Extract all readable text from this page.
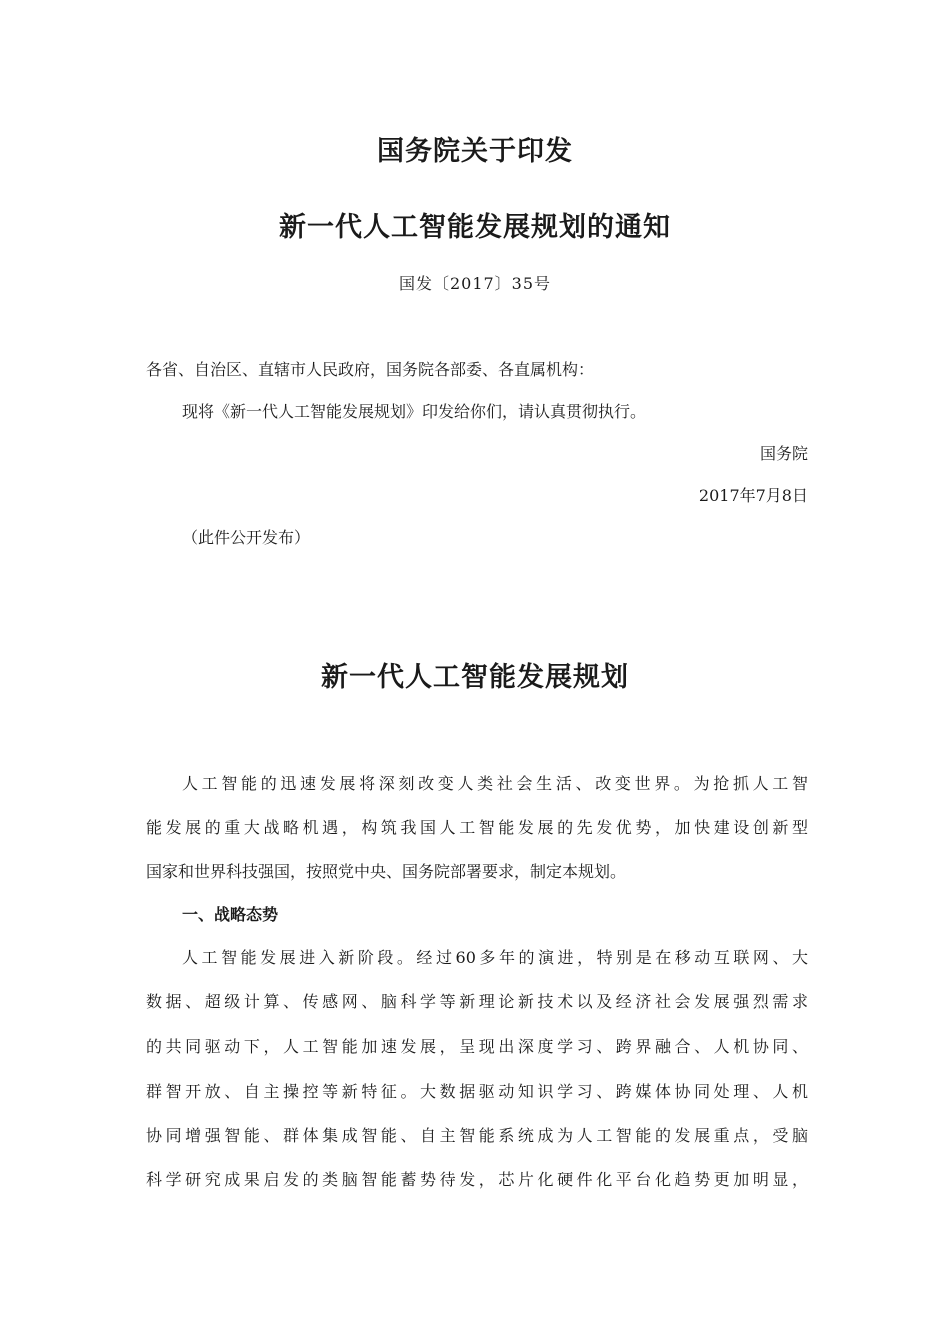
国务院关于印发
新一代人工智能发展规划的通知
国发〔2017〕35号

各省、自治区、直辖市人民政府，国务院各部委、各直属机构：

现将《新一代人工智能发展规划》印发给你们，请认真贯彻执行。

国务院

2017年7月8日

（此件公开发布）

新一代人工智能发展规划

人工智能的迅速发展将深刻改变人类社会生活、改变世界。为抢抓人工智

能发展的重大战略机遇，构筑我国人工智能发展的先发优势，加快建设创新型

国家和世界科技强国，按照党中央、国务院部署要求，制定本规划。

一、战略态势

人工智能发展进入新阶段。经过60多年的演进，特别是在移动互联网、大

数据、超级计算、传感网、脑科学等新理论新技术以及经济社会发展强烈需求

的共同驱动下，人工智能加速发展，呈现出深度学习、跨界融合、人机协同、

群智开放、自主操控等新特征。大数据驱动知识学习、跨媒体协同处理、人机

协同增强智能、群体集成智能、自主智能系统成为人工智能的发展重点，受脑

科学研究成果启发的类脑智能蓄势待发，芯片化硬件化平台化趋势更加明显，
